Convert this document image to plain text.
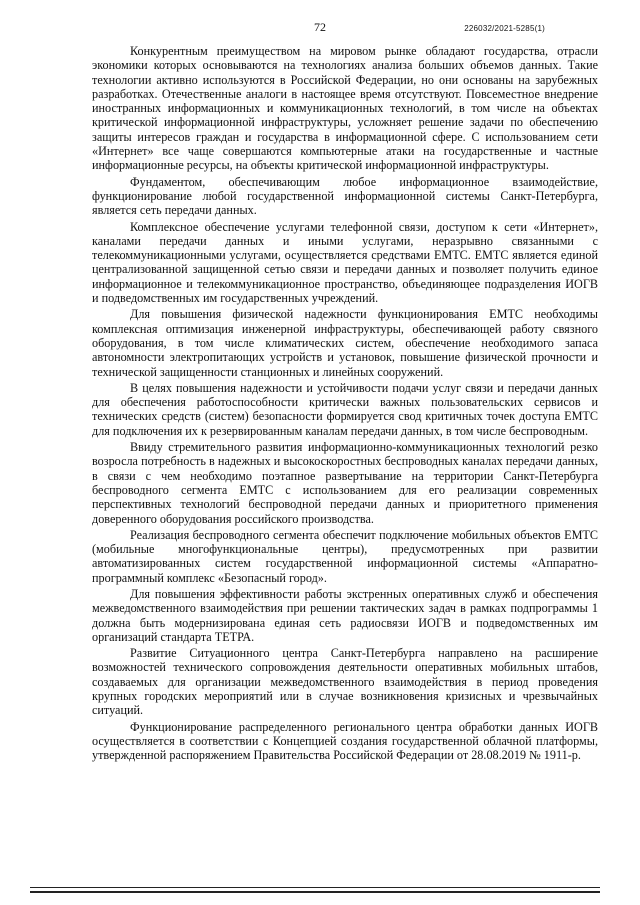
72	226032/2021-5285(1)

Конкурентным преимуществом на мировом рынке обладают государства, отрасли экономики которых основываются на технологиях анализа больших объемов данных. Такие технологии активно используются в Российской Федерации, но они основаны на зарубежных разработках. Отечественные аналоги в настоящее время отсутствуют. Повсеместное внедрение иностранных информационных и коммуникационных технологий, в том числе на объектах критической информационной инфраструктуры, усложняет решение задачи по обеспечению защиты интересов граждан и государства в информационной сфере. С использованием сети «Интернет» все чаще совершаются компьютерные атаки на государственные и частные информационные ресурсы, на объекты критической информационной инфраструктуры.

Фундаментом, обеспечивающим любое информационное взаимодействие, функционирование любой государственной информационной системы Санкт-Петербурга, является сеть передачи данных.

Комплексное обеспечение услугами телефонной связи, доступом к сети «Интернет», каналами передачи данных и иными услугами, неразрывно связанными с телекоммуникационными услугами, осуществляется средствами ЕМТС. ЕМТС является единой централизованной защищенной сетью связи и передачи данных и позволяет получить единое информационное и телекоммуникационное пространство, объединяющее подразделения ИОГВ и подведомственных им государственных учреждений.

Для повышения физической надежности функционирования ЕМТС необходимы комплексная оптимизация инженерной инфраструктуры, обеспечивающей работу связного оборудования, в том числе климатических систем, обеспечение необходимого запаса автономности электропитающих устройств и установок, повышение физической прочности и технической защищенности станционных и линейных сооружений.

В целях повышения надежности и устойчивости подачи услуг связи и передачи данных для обеспечения работоспособности критически важных пользовательских сервисов и технических средств (систем) безопасности формируется свод критичных точек доступа ЕМТС для подключения их к резервированным каналам передачи данных, в том числе беспроводным.

Ввиду стремительного развития информационно-коммуникационных технологий резко возросла потребность в надежных и высокоскоростных беспроводных каналах передачи данных, в связи с чем необходимо поэтапное развертывание на территории Санкт-Петербурга беспроводного сегмента ЕМТС с использованием для его реализации современных перспективных технологий беспроводной передачи данных и приоритетного применения доверенного оборудования российского производства.

Реализация беспроводного сегмента обеспечит подключение мобильных объектов ЕМТС (мобильные многофункциональные центры), предусмотренных при развитии автоматизированных систем государственной информационной системы «Аппаратно-программный комплекс «Безопасный город».

Для повышения эффективности работы экстренных оперативных служб и обеспечения межведомственного взаимодействия при решении тактических задач в рамках подпрограммы 1 должна быть модернизирована единая сеть радиосвязи ИОГВ и подведомственных им организаций стандарта ТЕТРА.

Развитие Ситуационного центра Санкт-Петербурга направлено на расширение возможностей технического сопровождения деятельности оперативных мобильных штабов, создаваемых для организации межведомственного взаимодействия в период проведения крупных городских мероприятий или в случае возникновения кризисных и чрезвычайных ситуаций.

Функционирование распределенного регионального центра обработки данных ИОГВ осуществляется в соответствии с Концепцией создания государственной облачной платформы, утвержденной распоряжением Правительства Российской Федерации от 28.08.2019 № 1911-р.
